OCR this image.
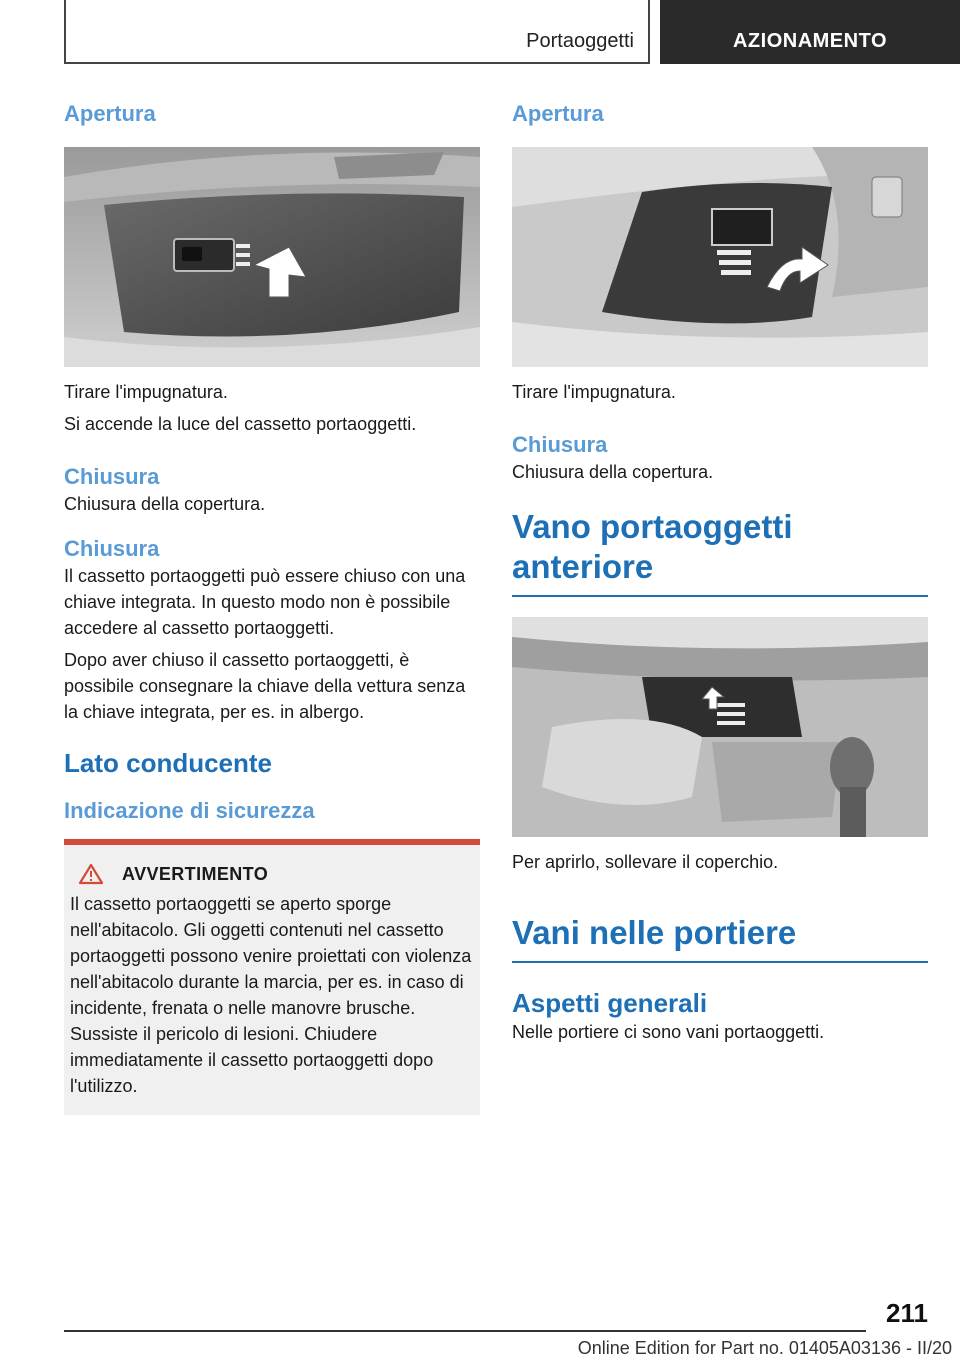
Portaoggetti	AZIONAMENTO
Apertura
Tirare l'impugnatura.
Si accende la luce del cassetto portaoggetti.
Chiusura
Chiusura della copertura.
Chiusura
Il cassetto portaoggetti può essere chiuso con una chiave integrata. In questo modo non è possibile accedere al cassetto portaoggetti.
Dopo aver chiuso il cassetto portaoggetti, è possibile consegnare la chiave della vettura senza la chiave integrata, per es. in albergo.
Lato conducente
Indicazione di sicurezza
AVVERTIMENTO
Il cassetto portaoggetti se aperto sporge nell'abitacolo. Gli oggetti contenuti nel cassetto portaoggetti possono venire proiettati con violenza nell'abitacolo durante la marcia, per es. in caso di incidente, frenata o nelle manovre brusche. Sussiste il pericolo di lesioni. Chiudere immediatamente il cassetto portaoggetti dopo l'utilizzo.
Apertura
Tirare l'impugnatura.
Chiusura
Chiusura della copertura.
Vano portaoggetti anteriore
Per aprirlo, sollevare il coperchio.
Vani nelle portiere
Aspetti generali
Nelle portiere ci sono vani portaoggetti.
211
Online Edition for Part no. 01405A03136 - II/20
